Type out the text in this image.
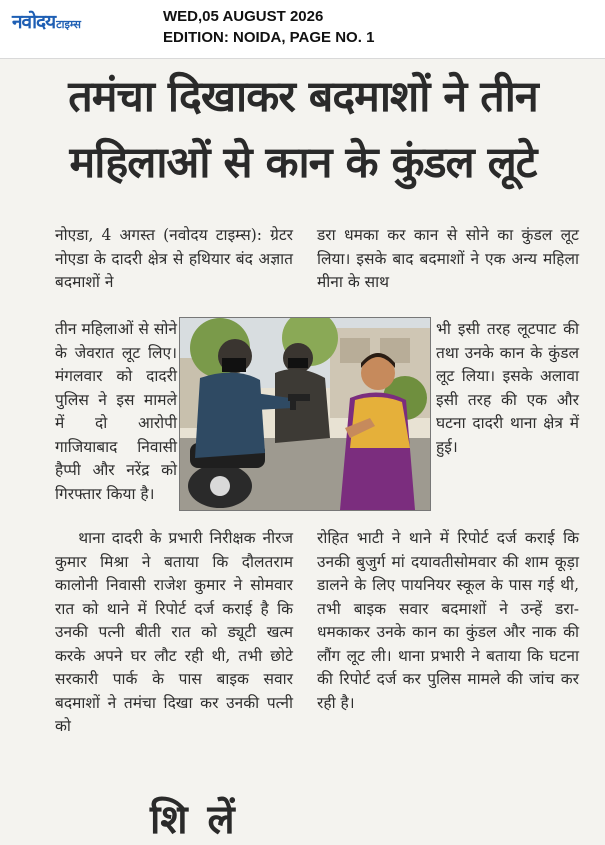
नवोदयटाइम्स	WED,05 AUGUST 2026
EDITION: NOIDA, PAGE NO. 1
तमंचा दिखाकर बदमाशों ने तीन
महिलाओं से कान के कुंडल लूटे

नोएडा, 4 अगस्त (नवोदय टाइम्स): ग्रेटर नोएडा के दादरी क्षेत्र से हथियार बंद अज्ञात बदमाशों ने

तीन महिलाओं से सोने के जेवरात लूट लिए। मंगलवार को दादरी पुलिस ने इस मामले में दो आरोपी गाजियाबाद निवासी हैप्पी और नरेंद्र को गिरफ्तार किया है।

थाना दादरी के प्रभारी निरीक्षक नीरज कुमार मिश्रा ने बताया कि दौलतराम कालोनी निवासी राजेश कुमार ने सोमवार रात को थाने में रिपोर्ट दर्ज कराई है कि उनकी पत्नी बीती रात को ड्यूटी खत्म करके अपने घर लौट रही थी, तभी छोटे सरकारी पार्क के पास बाइक सवार बदमाशों ने तमंचा दिखा कर उनकी पत्नी को

डरा धमका कर कान से सोने का कुंडल लूट लिया। इसके बाद बदमाशों ने एक अन्य महिला मीना के साथ

भी इसी तरह लूटपाट की तथा उनके कान के कुंडल लूट लिया। इसके अलावा इसी तरह की एक और घटना दादरी थाना क्षेत्र में हुई।

रोहित भाटी ने थाने में रिपोर्ट दर्ज कराई कि उनकी बुजुर्ग मां दयावतीसोमवार की शाम कूड़ा डालने के लिए पायनियर स्कूल के पास गई थी, तभी बाइक सवार बदमाशों ने उन्हें डरा- धमकाकर उनके कान का कुंडल और नाक की लौंग लूट ली। थाना प्रभारी ने बताया कि घटना की रिपोर्ट दर्ज कर पुलिस मामले की जांच कर रही है।

शि लें
